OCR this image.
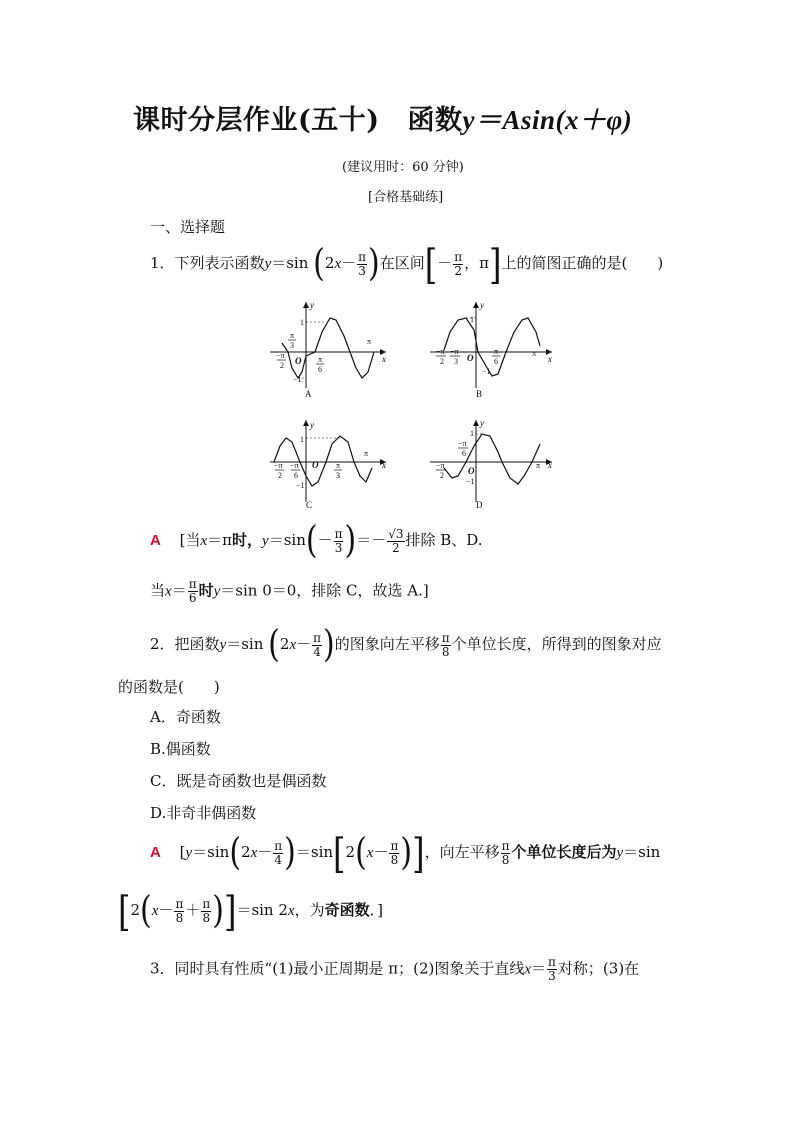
课时分层作业(五十) 函数y＝Asin(x＋φ)
(建议用时：60 分钟)
[合格基础练]
一、选择题
1．下列表示函数y＝sin ($2x- \frac{\pi}{3}$ )在区间[－ $\frac{\pi}{2}$ ，π]上的简图正确的是(　　)
x
y
O
1
−1
π
3
−π
2
π
6
π
A
x
y
O
1
−1
−π
2
−π
3
π
6
π
B
x
y
O
1
−1
−π
2
−π
6
π
3
π
C
x
y
O
1
−1
−π
6
−π
2
π
D
A [当x＝π时，$y=\sin(- \frac{\pi}{3}$ )＝－ $\frac{√3}{2}$ 排除 B、D.
当$x= \frac{\pi}{6}$ 时y＝sin 0＝0，排除 C，故选 A.]
2．把函数y＝sin ($2x- \frac{\pi}{4}$ )的图象向左平移 $\frac{\pi}{8}$ 个单位长度，所得到的图象对应
的函数是(　　)
A．奇函数
B.偶函数
C．既是奇函数也是偶函数
D.非奇非偶函数
A [$y=\sin(2x- \frac{\pi}{4} )=\sin[2(x- \frac{\pi}{8}$ )]，向左平移 $\frac{\pi}{8}$ 个单位长度后为y＝sin
$[2(x- \frac{\pi}{8} + \frac{\pi}{8} )]=\sin$ 2x，为奇函数．]
3．同时具有性质“(1)最小正周期是 π；(2)图象关于直线$x= \frac{\pi}{3}$ 对称；(3)在
